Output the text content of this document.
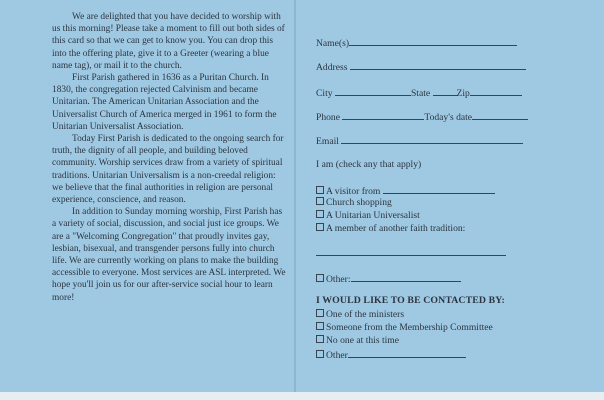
We are delighted that you have decided to worship with us this morning! Please take a moment to fill out both sides of this card so that we can get to know you. You can drop this into the offering plate, give it to a Greeter (wearing a blue name tag), or mail it to the church.

First Parish gathered in 1636 as a Puritan Church. In 1830, the congregation rejected Calvinism and became Unitarian. The American Unitarian Association and the Universalist Church of America merged in 1961 to form the Unitarian Universalist Association.

Today First Parish is dedicated to the ongoing search for truth, the dignity of all people, and building beloved community. Worship services draw from a variety of spiritual traditions. Unitarian Universalism is a non-creedal religion: we believe that the final authorities in religion are personal experience, conscience, and reason.

In addition to Sunday morning worship, First Parish has a variety of social, discussion, and social just ice groups. We are a "Welcoming Congregation" that proudly invites gay, lesbian, bisexual, and transgender persons fully into church life. We are currently working on plans to make the building accessible to everyone. Most services are ASL interpreted. We hope you'll join us for our after-service social hour to learn more!

Name(s)
Address
City	State	Zip
Phone	Today's date
Email
I am (check any that apply)
A visitor from
Church shopping
A Unitarian Universalist
A member of another faith tradition:
Other:
I WOULD LIKE TO BE CONTACTED BY:
One of the ministers
Someone from the Membership Committee
No one at this time
Other
